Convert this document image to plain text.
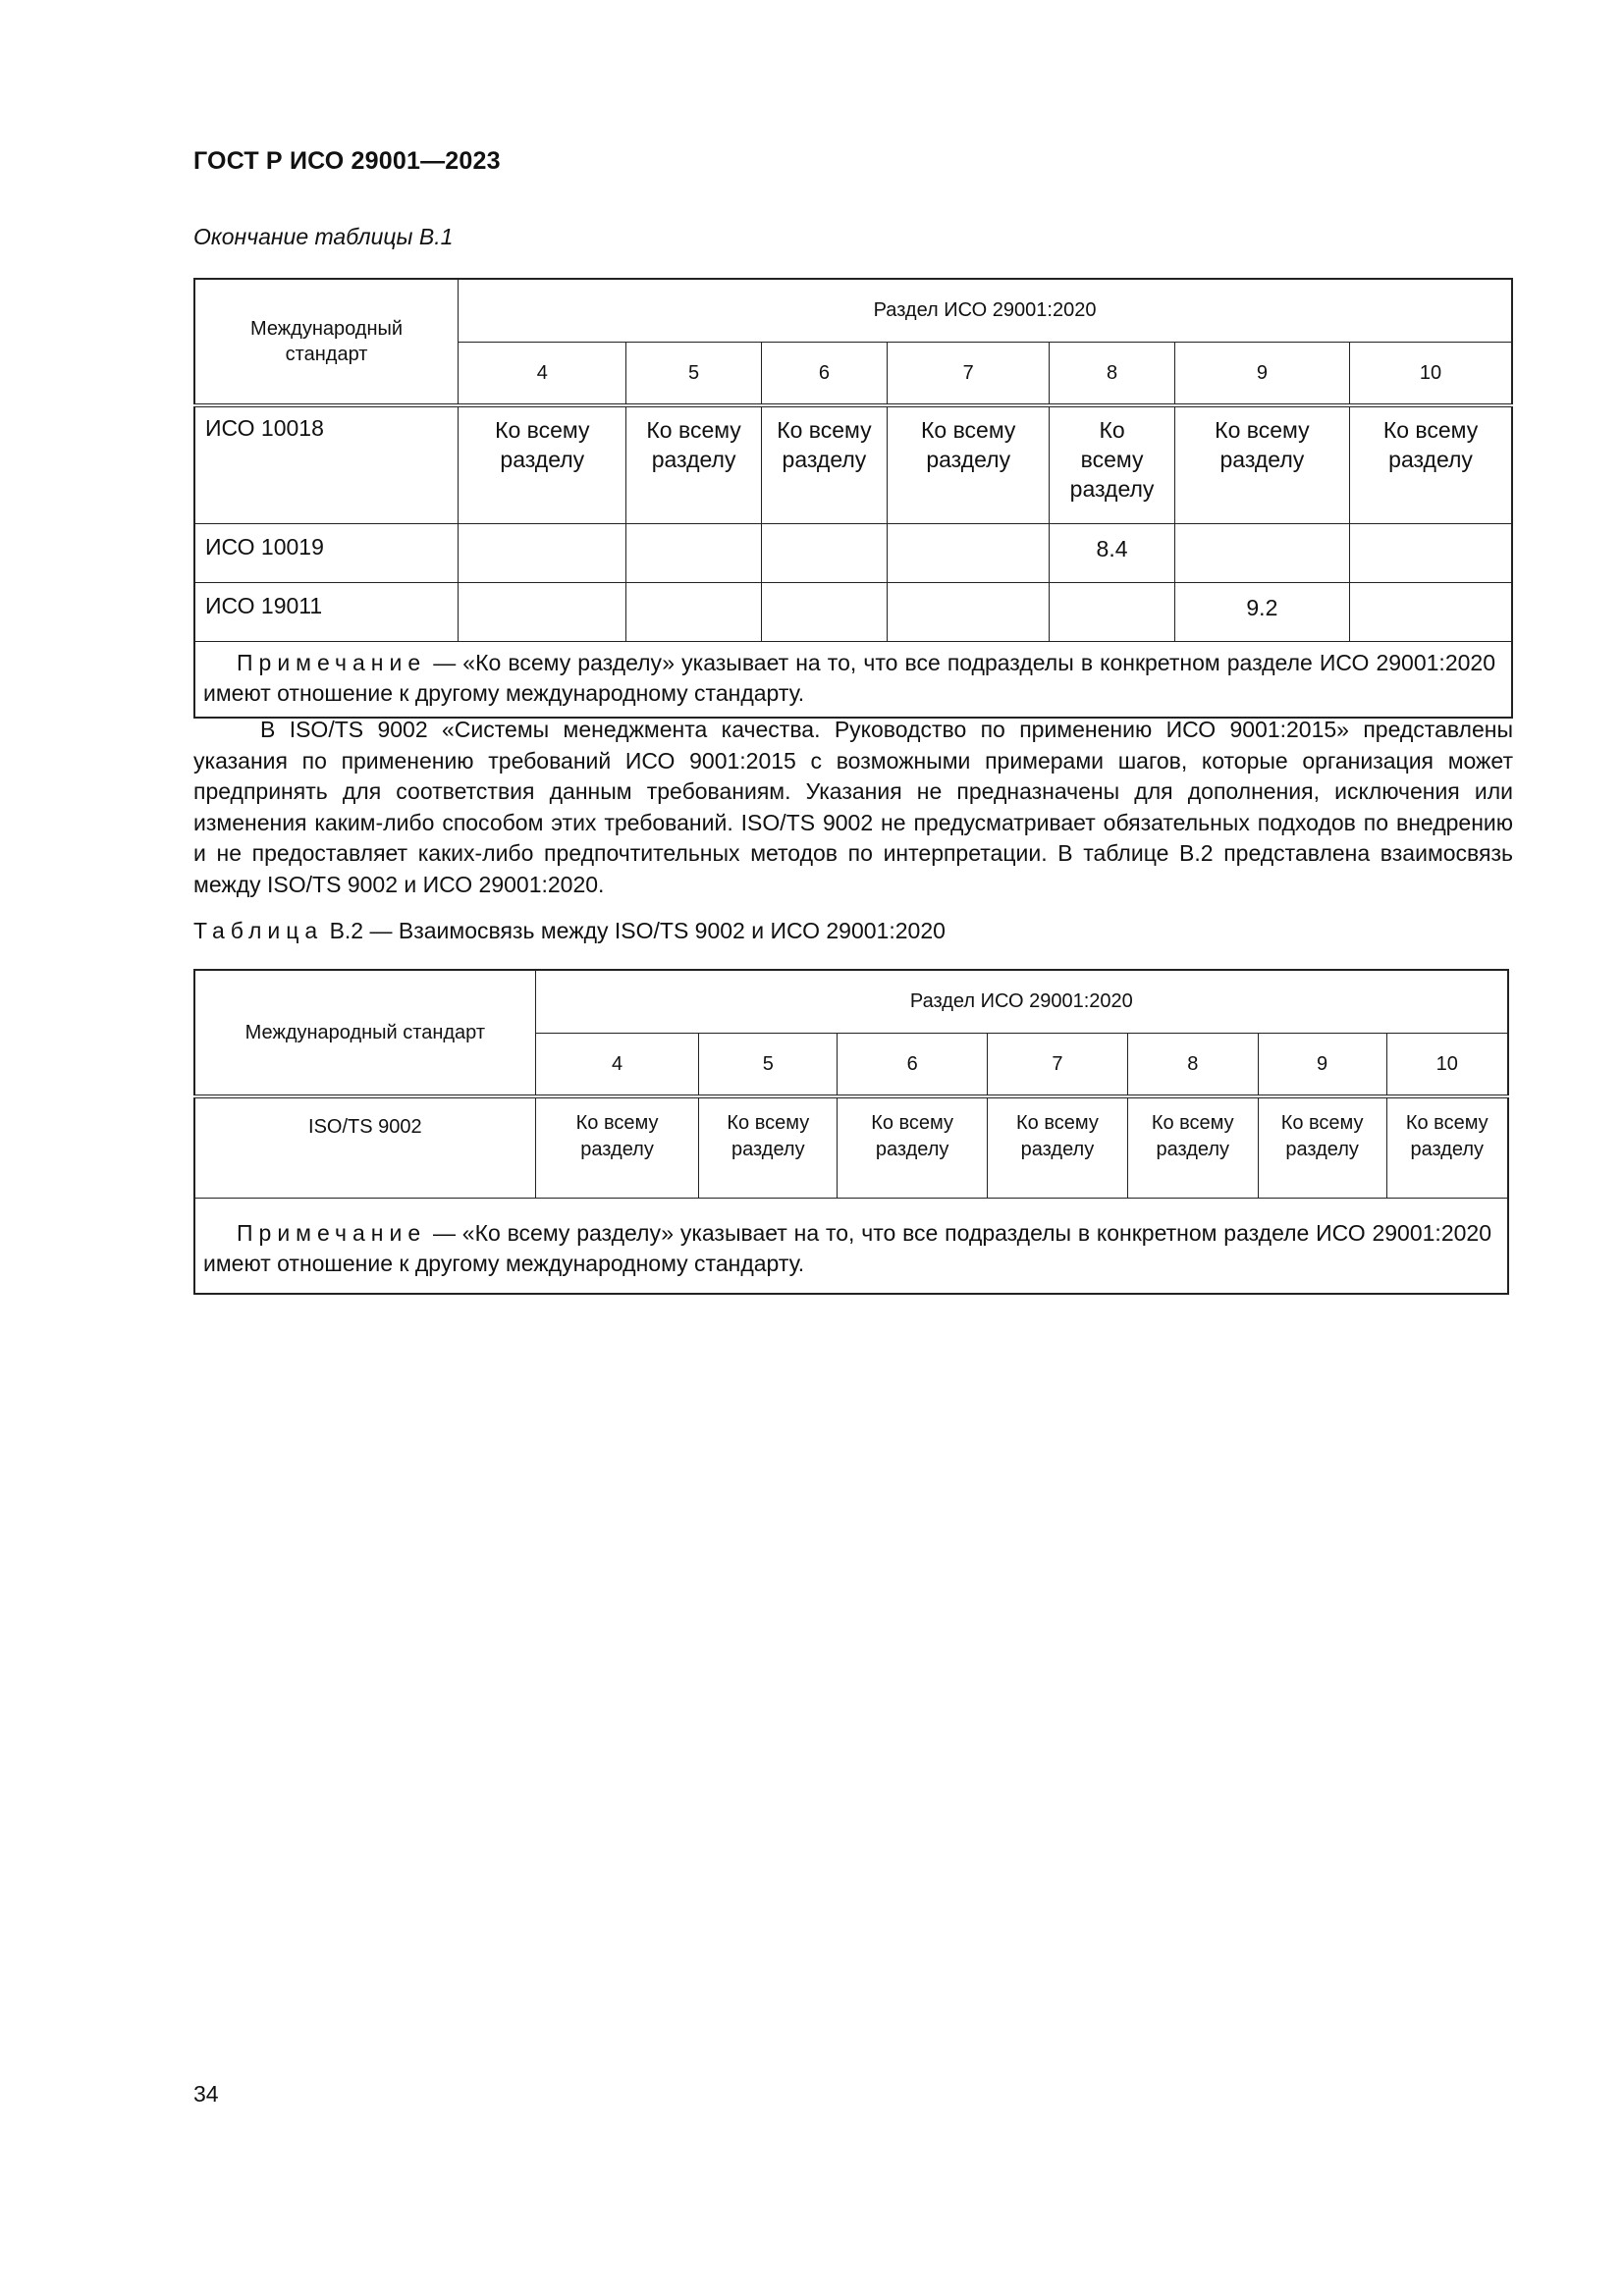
ГОСТ Р ИСО 29001—2023
Окончание таблицы В.1
Международный стандарт	Раздел ИСО 29001:2020						
	4	5	6	7	8	9	10
ИСО 10018	Ко всему разделу	Ко всему разделу	Ко всему разделу	Ко всему разделу	Ко всему разделу	Ко всему разделу	Ко всему разделу
ИСО 10019					8.4		
ИСО 19011						9.2	
Примечание — «Ко всему разделу» указывает на то, что все подразделы в конкретном разделе ИСО 29001:2020 имеют отношение к другому международному стандарту.							
В ISO/TS 9002 «Системы менеджмента качества. Руководство по применению ИСО 9001:2015» представлены указания по применению требований ИСО 9001:2015 с возможными примерами шагов, которые организация может предпринять для соответствия данным требованиям. Указания не предназначены для дополнения, исключения или изменения каким-либо способом этих требований. ISO/TS 9002 не предусматривает обязательных подходов по внедрению и не предоставляет каких-либо предпочтительных методов по интерпретации. В таблице В.2 представлена взаимосвязь между ISO/TS 9002 и ИСО 29001:2020.
Таблица В.2 — Взаимосвязь между ISO/TS 9002 и ИСО 29001:2020
Международный стандарт	Раздел ИСО 29001:2020						
	4	5	6	7	8	9	10
ISO/TS 9002	Ко всему разделу	Ко всему разделу	Ко всему разделу	Ко всему разделу	Ко всему разделу	Ко всему разделу	Ко всему разделу
Примечание — «Ко всему разделу» указывает на то, что все подразделы в конкретном разделе ИСО 29001:2020 имеют отношение к другому международному стандарту.							
34
